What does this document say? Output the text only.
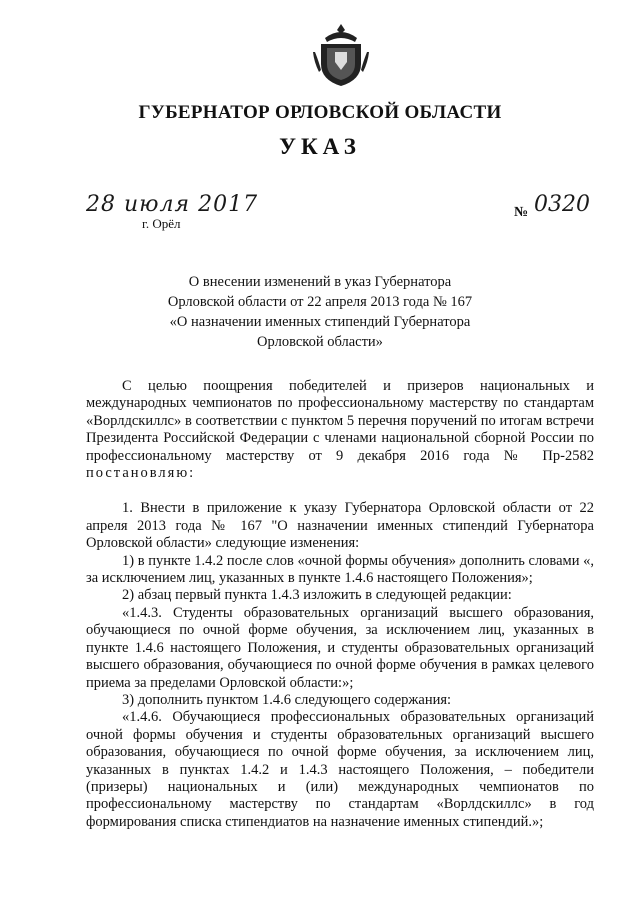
ГУБЕРНАТОР ОРЛОВСКОЙ ОБЛАСТИ
УКАЗ
28 июля 2017
г. Орёл
№ 0320
О внесении изменений в указ Губернатора
Орловской области от 22 апреля 2013 года № 167
«О назначении именных стипендий Губернатора
Орловской области»

С целью поощрения победителей и призеров национальных и международных чемпионатов по профессиональному мастерству по стандартам «Ворлдскиллс» в соответствии с пунктом 5 перечня поручений по итогам встречи Президента Российской Федерации с членами национальной сборной России по профессиональному мастерству от 9 декабря 2016 года № Пр-2582 постановляю:

1. Внести в приложение к указу Губернатора Орловской области от 22 апреля 2013 года № 167 "О назначении именных стипендий Губернатора Орловской области» следующие изменения:

1) в пункте 1.4.2 после слов «очной формы обучения» дополнить словами «, за исключением лиц, указанных в пункте 1.4.6 настоящего Положения»;

2) абзац первый пункта 1.4.3 изложить в следующей редакции:

«1.4.3. Студенты образовательных организаций высшего образования, обучающиеся по очной форме обучения, за исключением лиц, указанных в пункте 1.4.6 настоящего Положения, и студенты образовательных организаций высшего образования, обучающиеся по очной форме обучения в рамках целевого приема за пределами Орловской области:»;

3) дополнить пунктом 1.4.6 следующего содержания:

«1.4.6. Обучающиеся профессиональных образовательных организаций очной формы обучения и студенты образовательных организаций высшего образования, обучающиеся по очной форме обучения, за исключением лиц, указанных в пунктах 1.4.2 и 1.4.3 настоящего Положения, – победители (призеры) национальных и (или) международных чемпионатов по профессиональному мастерству по стандартам «Ворлдскиллс» в год формирования списка стипендиатов на назначение именных стипендий.»;
